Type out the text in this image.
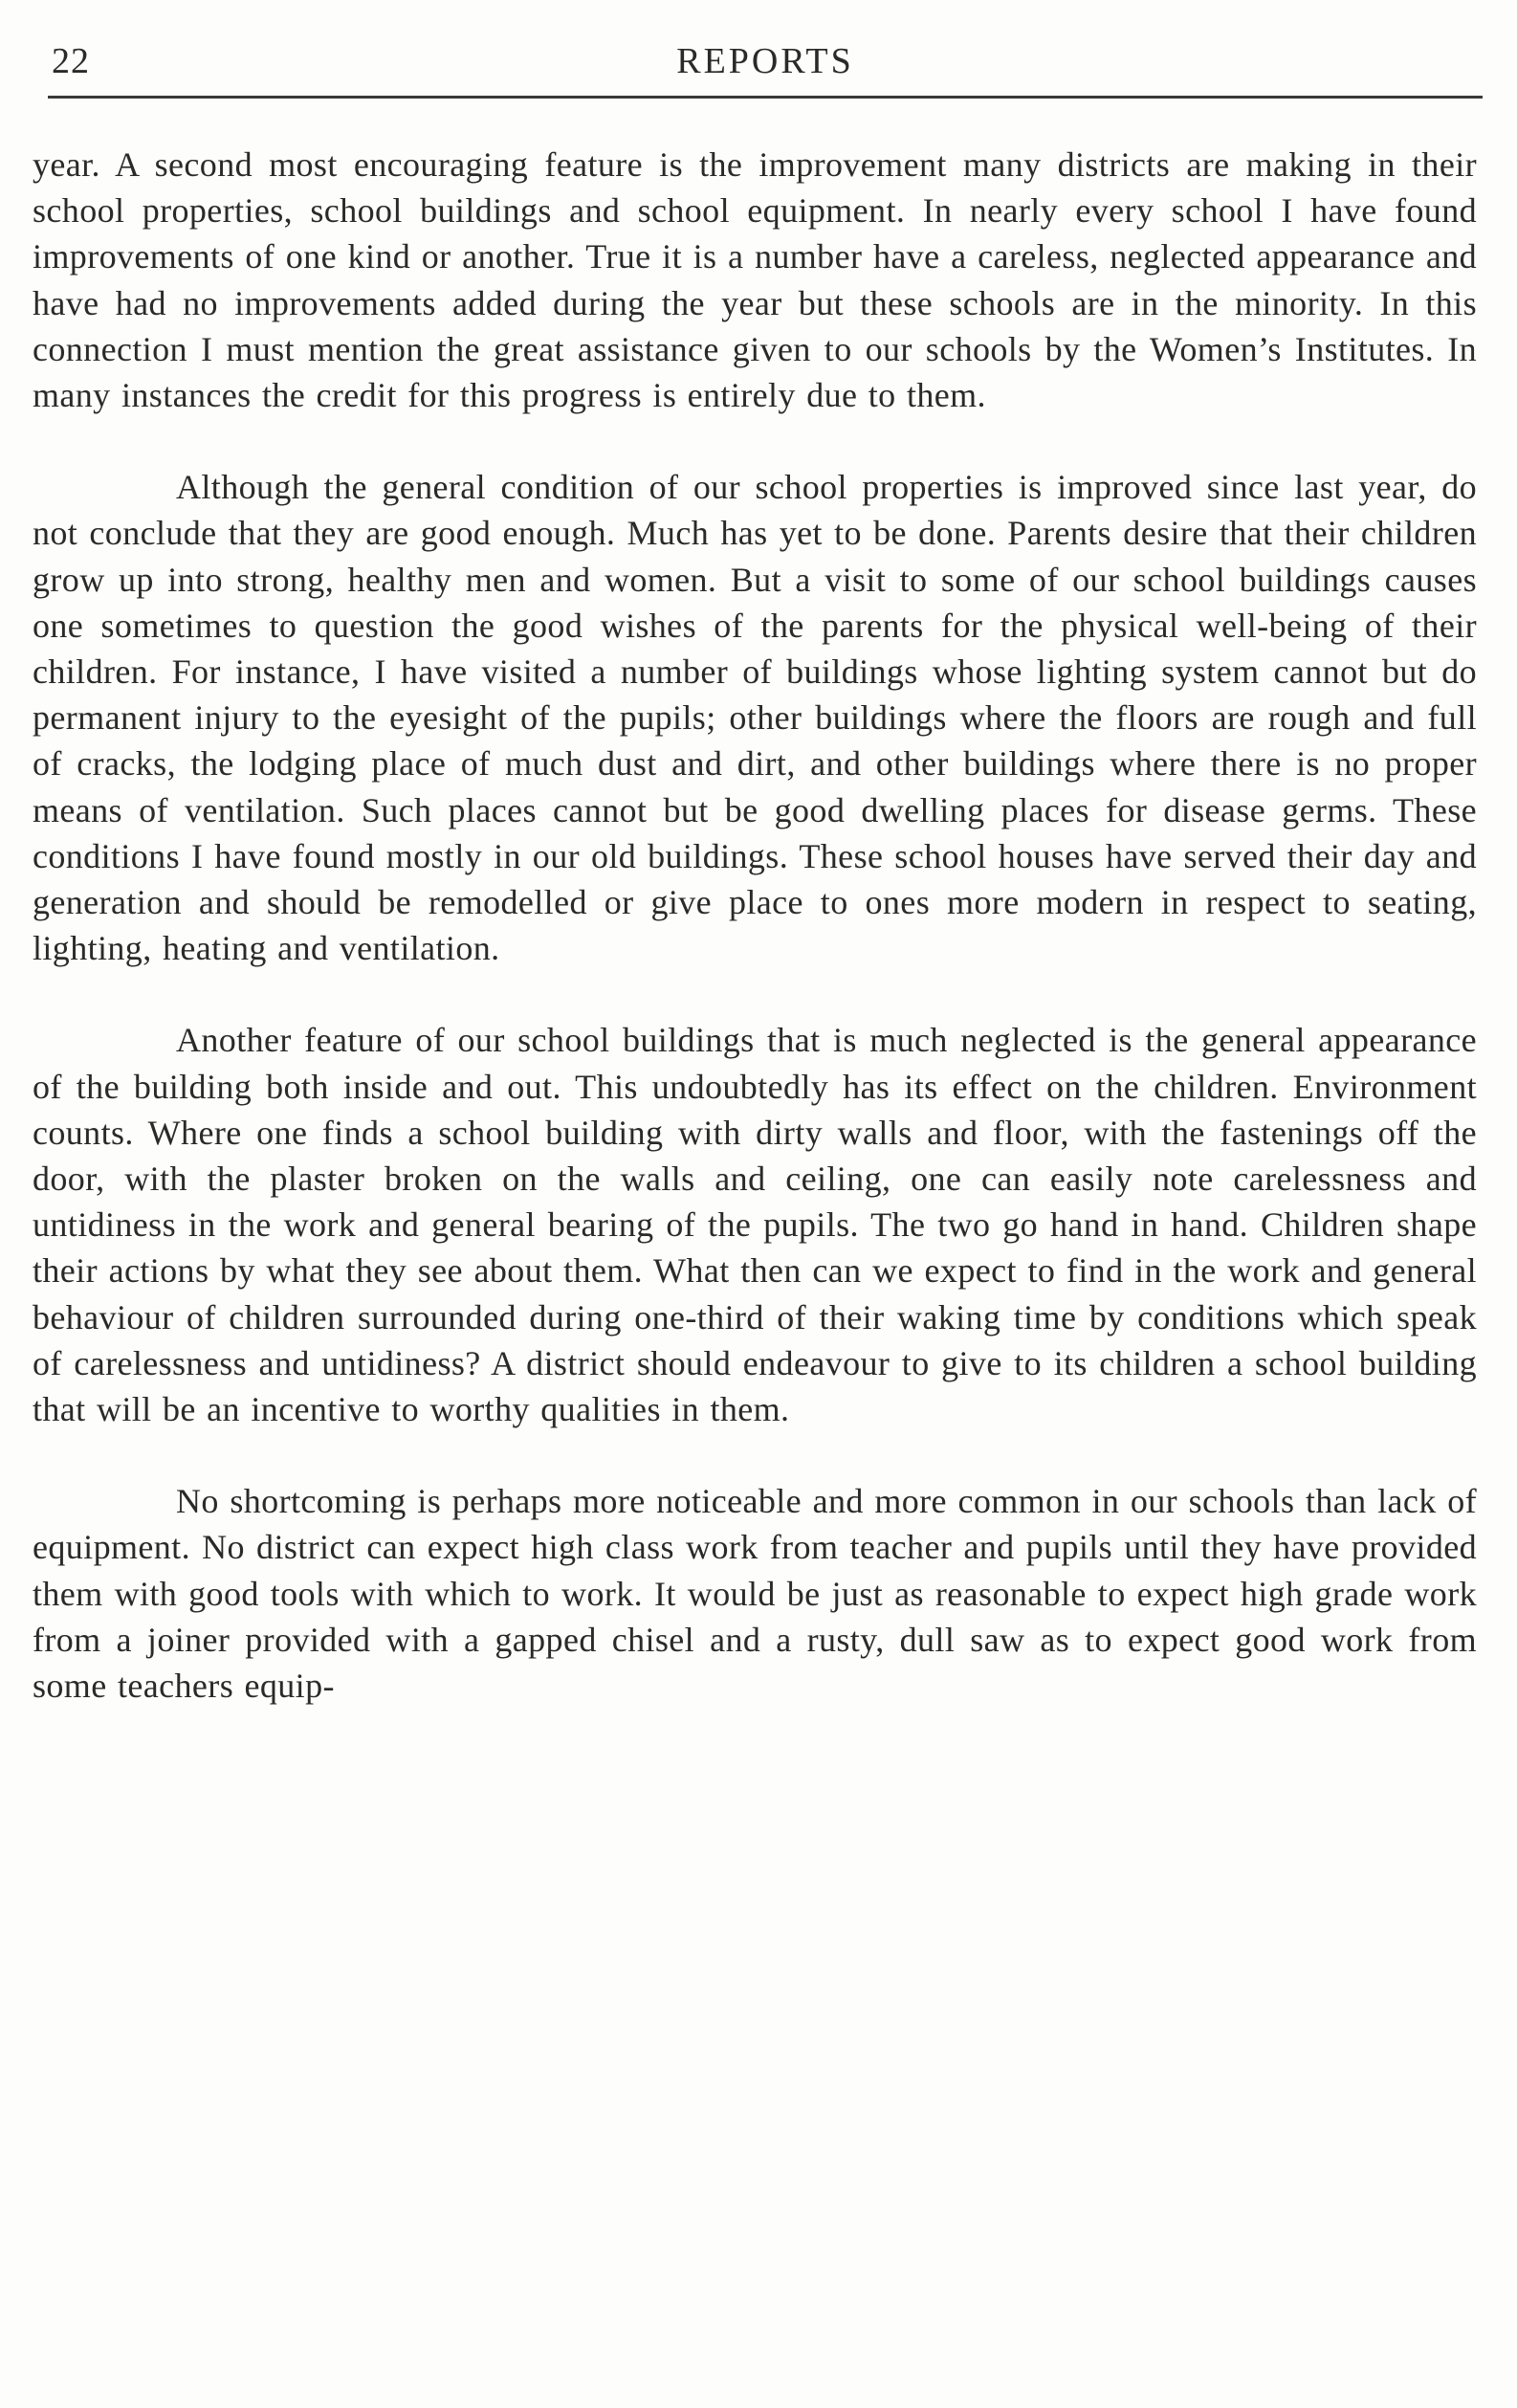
22	REPORTS

year. A second most encouraging feature is the improvement many districts are making in their school properties, school buildings and school equipment. In nearly every school I have found improvements of one kind or another. True it is a number have a careless, neglected appearance and have had no improvements added during the year but these schools are in the minority. In this connection I must mention the great assistance given to our schools by the Women’s Institutes. In many instances the credit for this progress is entirely due to them.

Although the general condition of our school properties is improved since last year, do not conclude that they are good enough. Much has yet to be done. Parents desire that their children grow up into strong, healthy men and women. But a visit to some of our school buildings causes one sometimes to question the good wishes of the parents for the physical well-being of their children. For instance, I have visited a number of buildings whose lighting system cannot but do permanent injury to the eyesight of the pupils; other buildings where the floors are rough and full of cracks, the lodging place of much dust and dirt, and other buildings where there is no proper means of ventilation. Such places cannot but be good dwelling places for disease germs. These conditions I have found mostly in our old buildings. These school houses have served their day and generation and should be remodelled or give place to ones more modern in respect to seating, lighting, heating and ventilation.

Another feature of our school buildings that is much neglected is the general appearance of the building both inside and out. This undoubtedly has its effect on the children. Environment counts. Where one finds a school building with dirty walls and floor, with the fastenings off the door, with the plaster broken on the walls and ceiling, one can easily note carelessness and untidiness in the work and general bearing of the pupils. The two go hand in hand. Children shape their actions by what they see about them. What then can we expect to find in the work and general behaviour of children surrounded during one-third of their waking time by conditions which speak of carelessness and untidiness? A district should endeavour to give to its children a school building that will be an incentive to worthy qualities in them.

No shortcoming is perhaps more noticeable and more common in our schools than lack of equipment. No district can expect high class work from teacher and pupils until they have provided them with good tools with which to work. It would be just as reasonable to expect high grade work from a joiner provided with a gapped chisel and a rusty, dull saw as to expect good work from some teachers equip-
